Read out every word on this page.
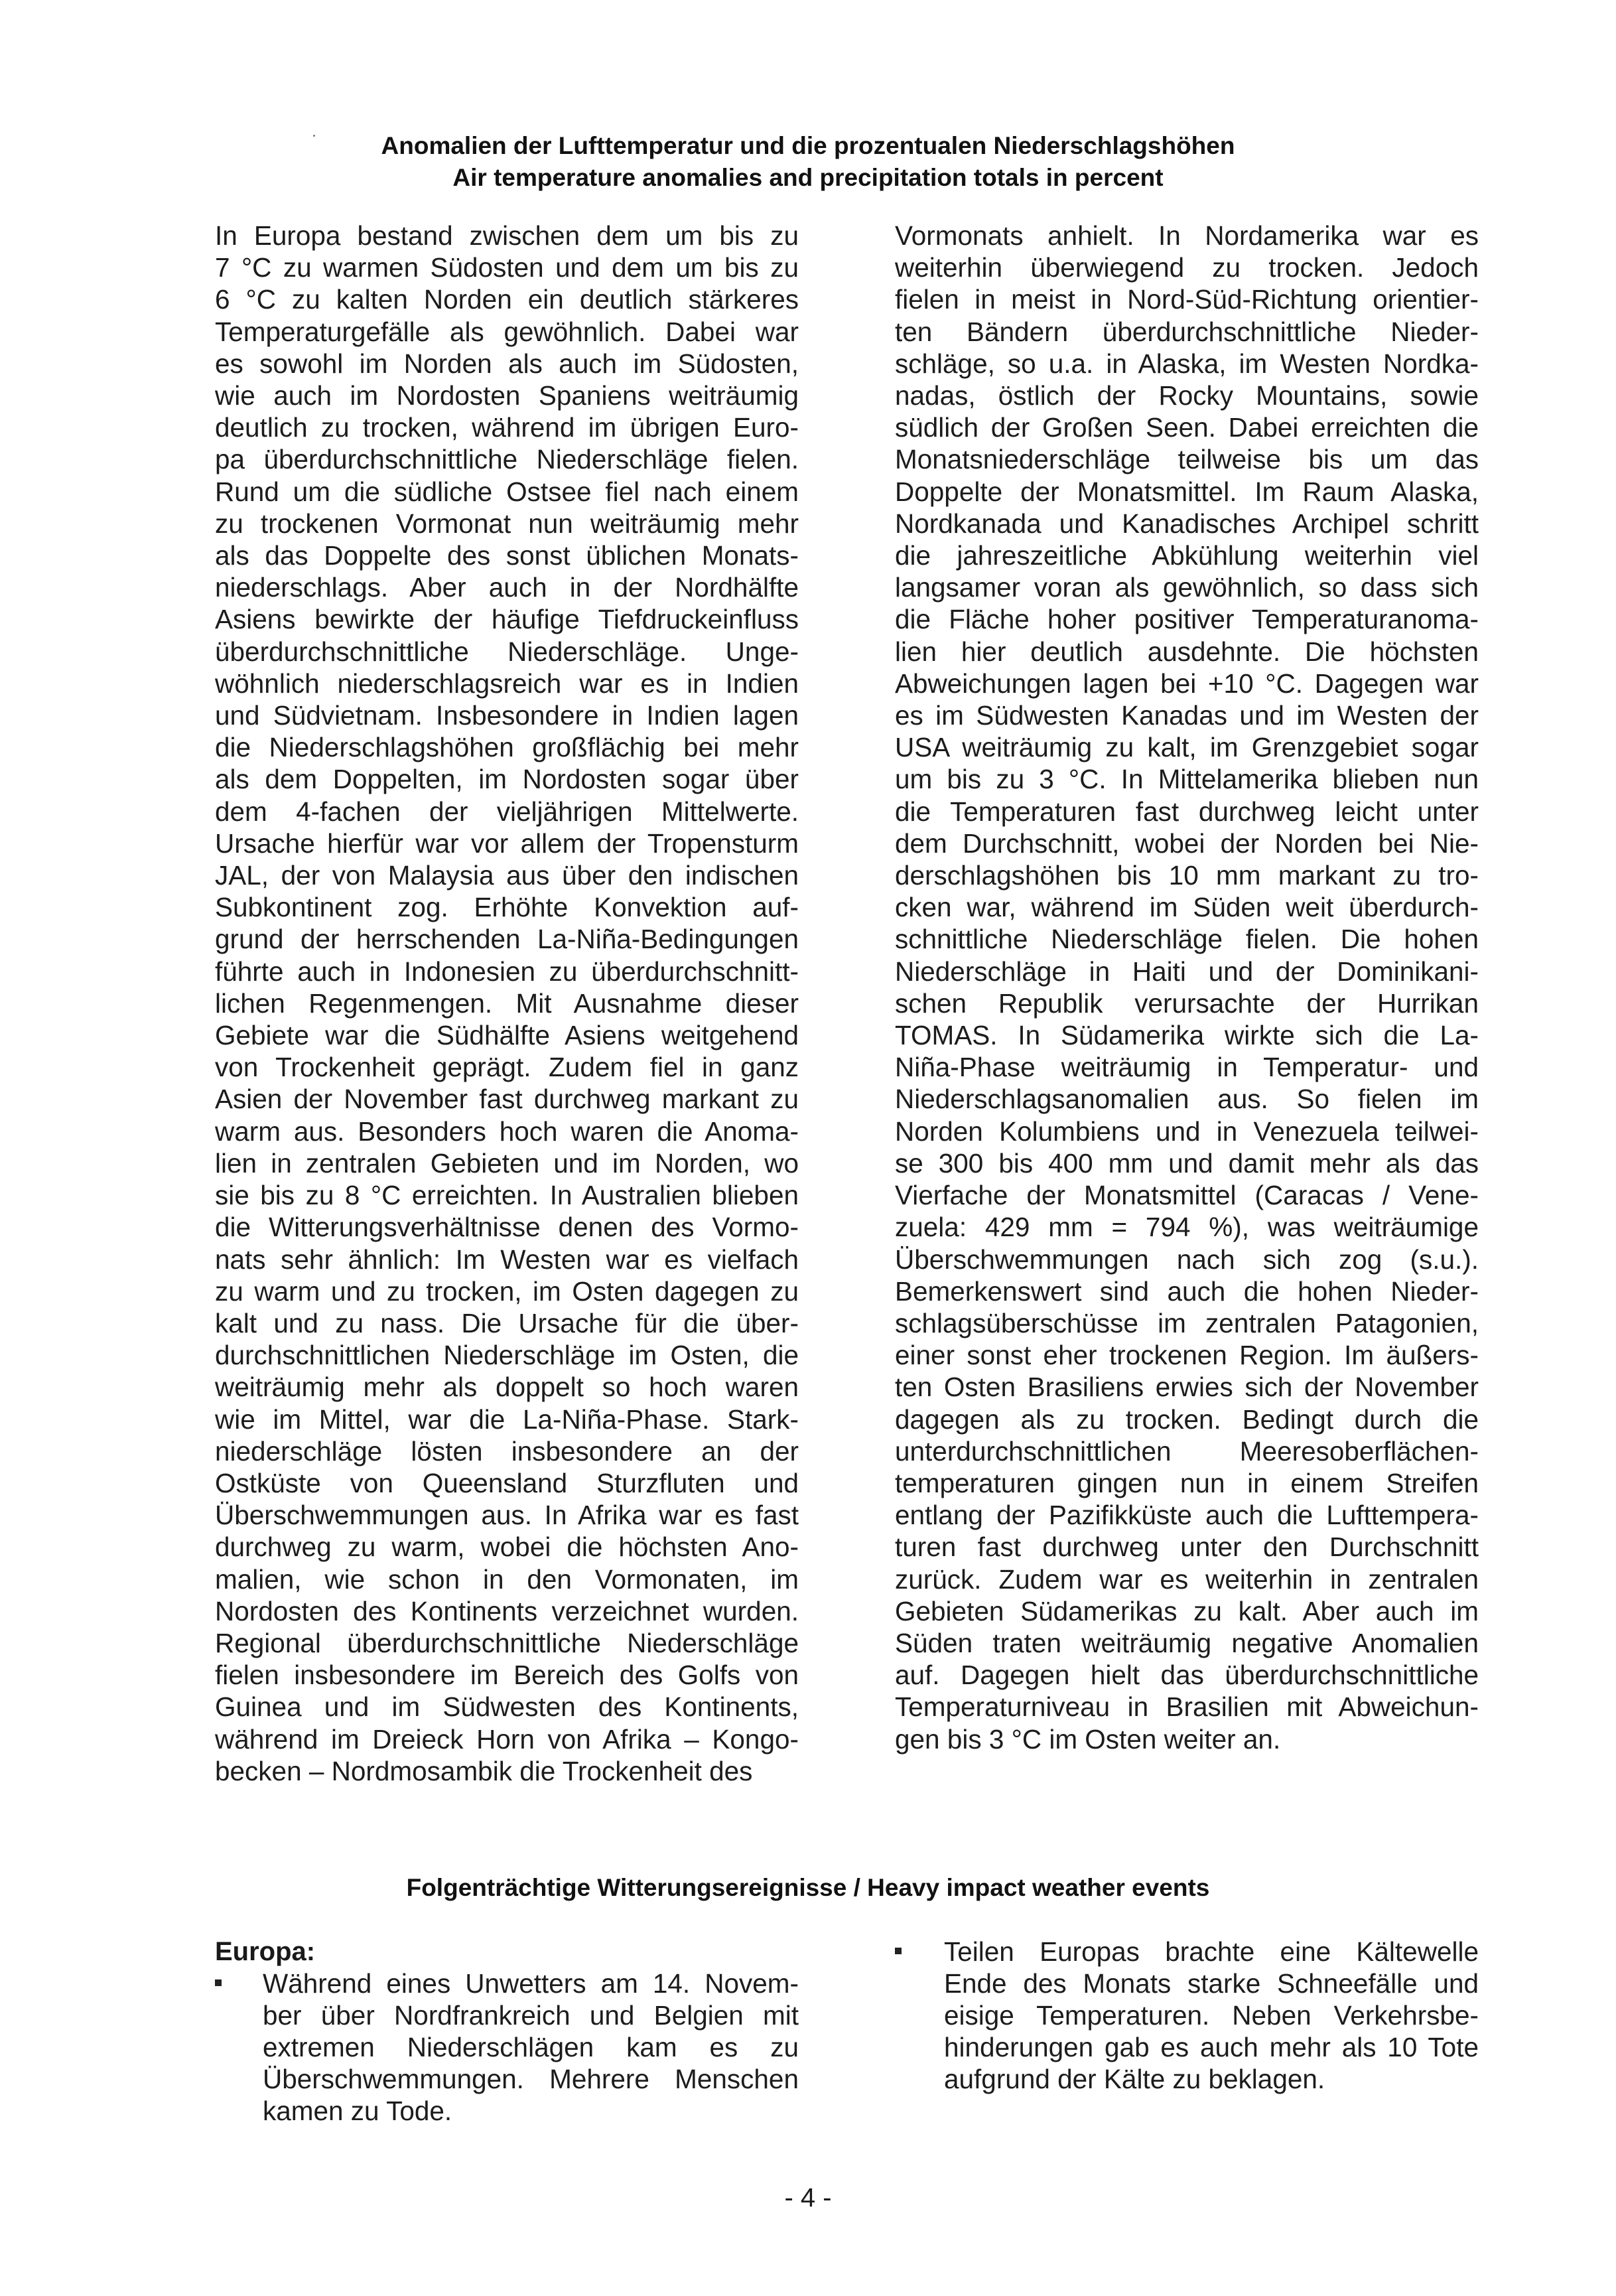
Anomalien der Lufttemperatur und die prozentualen Niederschlagshöhen
Air temperature anomalies and precipitation totals in percent
In Europa bestand zwischen dem um bis zu
7 °C zu warmen Südosten und dem um bis zu
6 °C zu kalten Norden ein deutlich stärkeres
Temperaturgefälle als gewöhnlich. Dabei war
es sowohl im Norden als auch im Südosten,
wie auch im Nordosten Spaniens weiträumig
deutlich zu trocken, während im übrigen Euro-
pa überdurchschnittliche Niederschläge fielen.
Rund um die südliche Ostsee fiel nach einem
zu trockenen Vormonat nun weiträumig mehr
als das Doppelte des sonst üblichen Monats-
niederschlags. Aber auch in der Nordhälfte
Asiens bewirkte der häufige Tiefdruckeinfluss
überdurchschnittliche Niederschläge. Unge-
wöhnlich niederschlagsreich war es in Indien
und Südvietnam. Insbesondere in Indien lagen
die Niederschlagshöhen großflächig bei mehr
als dem Doppelten, im Nordosten sogar über
dem 4-fachen der vieljährigen Mittelwerte.
Ursache hierfür war vor allem der Tropensturm
JAL, der von Malaysia aus über den indischen
Subkontinent zog. Erhöhte Konvektion auf-
grund der herrschenden La-Niña-Bedingungen
führte auch in Indonesien zu überdurchschnitt-
lichen Regenmengen. Mit Ausnahme dieser
Gebiete war die Südhälfte Asiens weitgehend
von Trockenheit geprägt. Zudem fiel in ganz
Asien der November fast durchweg markant zu
warm aus. Besonders hoch waren die Anoma-
lien in zentralen Gebieten und im Norden, wo
sie bis zu 8 °C erreichten. In Australien blieben
die Witterungsverhältnisse denen des Vormo-
nats sehr ähnlich: Im Westen war es vielfach
zu warm und zu trocken, im Osten dagegen zu
kalt und zu nass. Die Ursache für die über-
durchschnittlichen Niederschläge im Osten, die
weiträumig mehr als doppelt so hoch waren
wie im Mittel, war die La-Niña-Phase. Stark-
niederschläge lösten insbesondere an der
Ostküste von Queensland Sturzfluten und
Überschwemmungen aus. In Afrika war es fast
durchweg zu warm, wobei die höchsten Ano-
malien, wie schon in den Vormonaten, im
Nordosten des Kontinents verzeichnet wurden.
Regional überdurchschnittliche Niederschläge
fielen insbesondere im Bereich des Golfs von
Guinea und im Südwesten des Kontinents,
während im Dreieck Horn von Afrika – Kongo-
becken – Nordmosambik die Trockenheit des
Vormonats anhielt. In Nordamerika war es
weiterhin überwiegend zu trocken. Jedoch
fielen in meist in Nord-Süd-Richtung orientier-
ten Bändern überdurchschnittliche Nieder-
schläge, so u.a. in Alaska, im Westen Nordka-
nadas, östlich der Rocky Mountains, sowie
südlich der Großen Seen. Dabei erreichten die
Monatsniederschläge teilweise bis um das
Doppelte der Monatsmittel. Im Raum Alaska,
Nordkanada und Kanadisches Archipel schritt
die jahreszeitliche Abkühlung weiterhin viel
langsamer voran als gewöhnlich, so dass sich
die Fläche hoher positiver Temperaturanoma-
lien hier deutlich ausdehnte. Die höchsten
Abweichungen lagen bei +10 °C. Dagegen war
es im Südwesten Kanadas und im Westen der
USA weiträumig zu kalt, im Grenzgebiet sogar
um bis zu 3 °C. In Mittelamerika blieben nun
die Temperaturen fast durchweg leicht unter
dem Durchschnitt, wobei der Norden bei Nie-
derschlagshöhen bis 10 mm markant zu tro-
cken war, während im Süden weit überdurch-
schnittliche Niederschläge fielen. Die hohen
Niederschläge in Haiti und der Dominikani-
schen Republik verursachte der Hurrikan
TOMAS. In Südamerika wirkte sich die La-
Niña-Phase weiträumig in Temperatur- und
Niederschlagsanomalien aus. So fielen im
Norden Kolumbiens und in Venezuela teilwei-
se 300 bis 400 mm und damit mehr als das
Vierfache der Monatsmittel (Caracas / Vene-
zuela: 429 mm = 794 %), was weiträumige
Überschwemmungen nach sich zog (s.u.).
Bemerkenswert sind auch die hohen Nieder-
schlagsüberschüsse im zentralen Patagonien,
einer sonst eher trockenen Region. Im äußers-
ten Osten Brasiliens erwies sich der November
dagegen als zu trocken. Bedingt durch die
unterdurchschnittlichen Meeresoberflächen-
temperaturen gingen nun in einem Streifen
entlang der Pazifikküste auch die Lufttempera-
turen fast durchweg unter den Durchschnitt
zurück. Zudem war es weiterhin in zentralen
Gebieten Südamerikas zu kalt. Aber auch im
Süden traten weiträumig negative Anomalien
auf. Dagegen hielt das überdurchschnittliche
Temperaturniveau in Brasilien mit Abweichun-
gen bis 3 °C im Osten weiter an.
Folgenträchtige Witterungsereignisse / Heavy impact weather events
Europa:
Während eines Unwetters am 14. Novem-
ber über Nordfrankreich und Belgien mit
extremen Niederschlägen kam es zu
Überschwemmungen. Mehrere Menschen
kamen zu Tode.
Teilen Europas brachte eine Kältewelle
Ende des Monats starke Schneefälle und
eisige Temperaturen. Neben Verkehrsbe-
hinderungen gab es auch mehr als 10 Tote
aufgrund der Kälte zu beklagen.
- 4 -
